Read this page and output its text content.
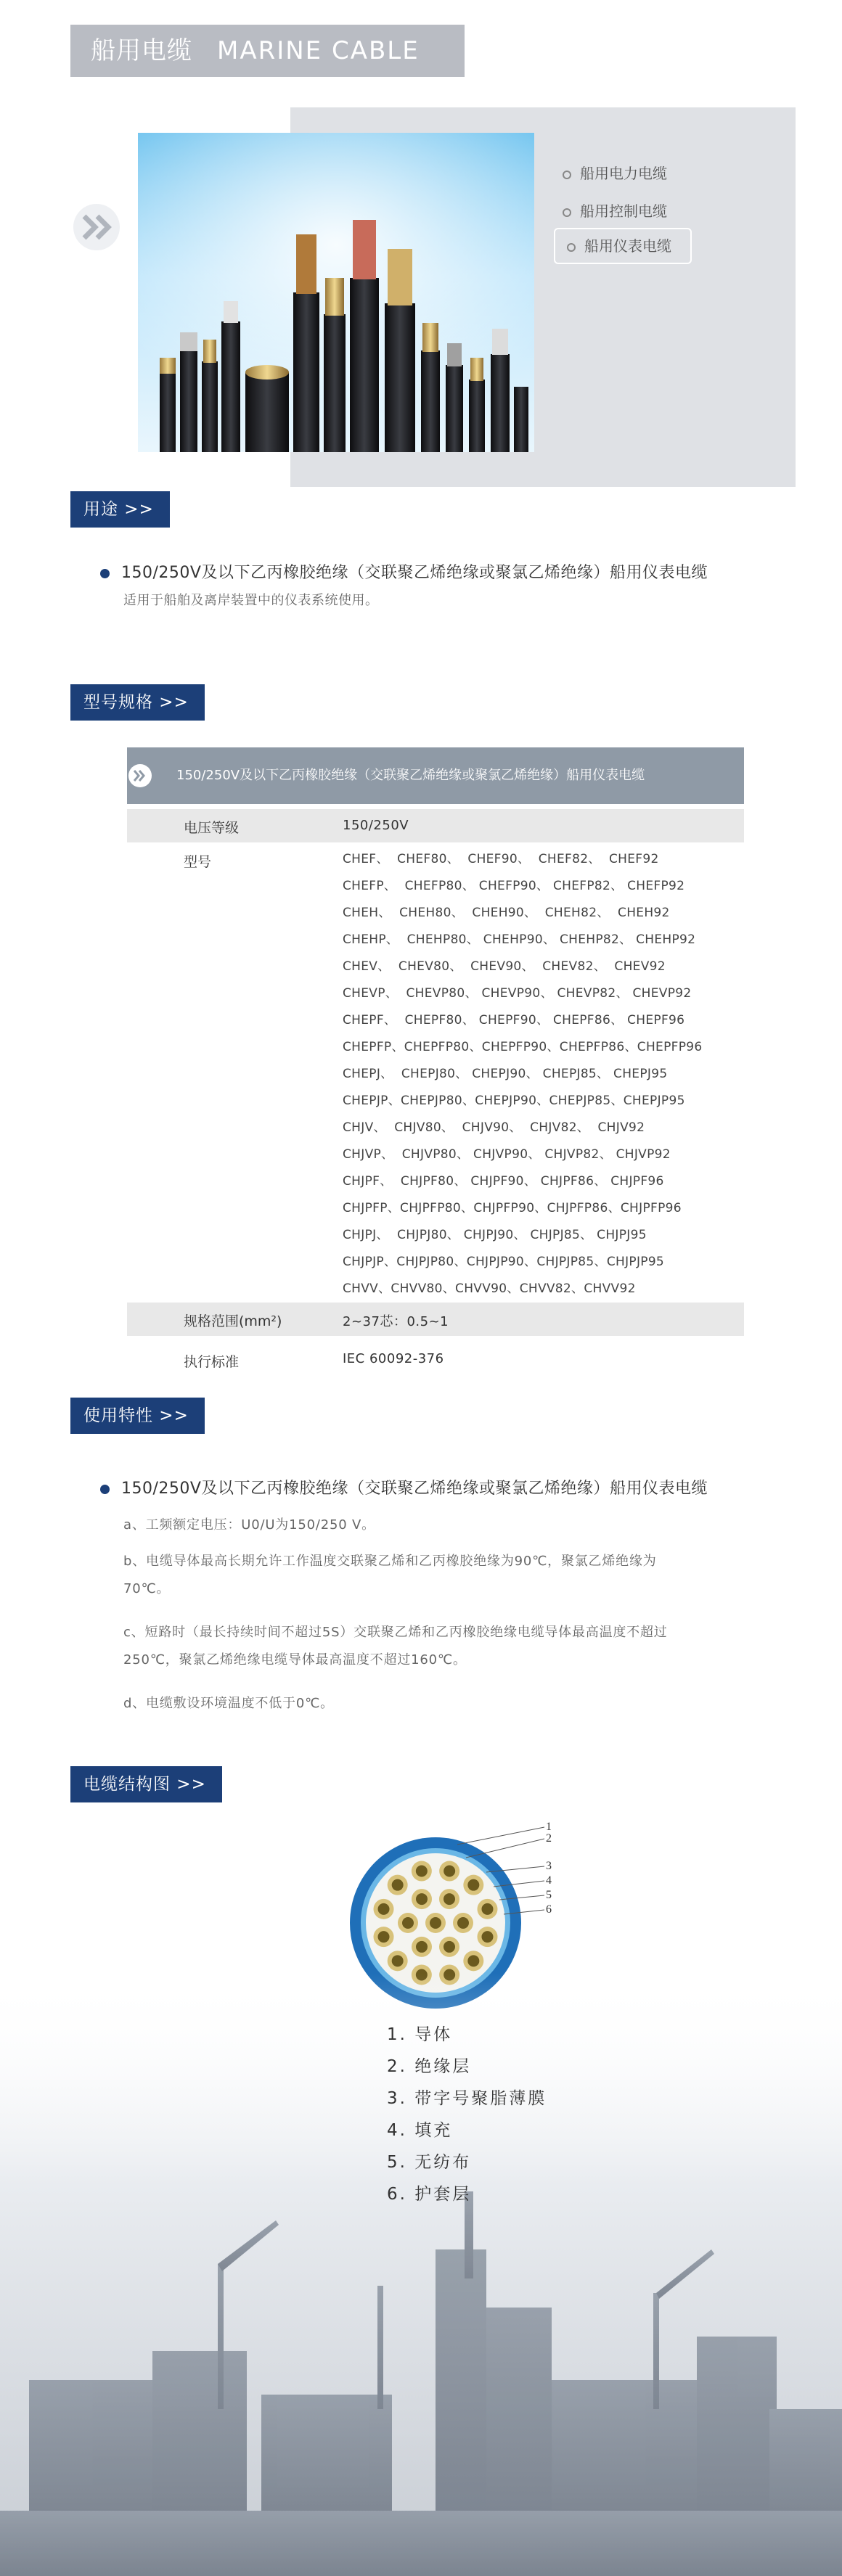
船用电缆 MARINE CABLE
船用电力电缆
船用控制电缆
船用仪表电缆
用途 >>
150/250V及以下乙丙橡胶绝缘（交联聚乙烯绝缘或聚氯乙烯绝缘）船用仪表电缆
适用于船舶及离岸装置中的仪表系统使用。
型号规格 >>
150/250V及以下乙丙橡胶绝缘（交联聚乙烯绝缘或聚氯乙烯绝缘）船用仪表电缆
电压等级	150/250V
型号	CHEF、  CHEF80、  CHEF90、  CHEF82、  CHEF92
CHEFP、  CHEFP80、 CHEFP90、 CHEFP82、 CHEFP92
CHEH、  CHEH80、  CHEH90、  CHEH82、  CHEH92
CHEHP、  CHEHP80、 CHEHP90、 CHEHP82、 CHEHP92
CHEV、  CHEV80、  CHEV90、  CHEV82、  CHEV92
CHEVP、  CHEVP80、 CHEVP90、 CHEVP82、 CHEVP92
CHEPF、  CHEPF80、 CHEPF90、 CHEPF86、 CHEPF96
CHEPFP、CHEPFP80、CHEPFP90、CHEPFP86、CHEPFP96
CHEPJ、  CHEPJ80、 CHEPJ90、 CHEPJ85、 CHEPJ95
CHEPJP、CHEPJP80、CHEPJP90、CHEPJP85、CHEPJP95
CHJV、  CHJV80、  CHJV90、  CHJV82、  CHJV92
CHJVP、  CHJVP80、 CHJVP90、 CHJVP82、 CHJVP92
CHJPF、  CHJPF80、 CHJPF90、 CHJPF86、 CHJPF96
CHJPFP、CHJPFP80、CHJPFP90、CHJPFP86、CHJPFP96
CHJPJ、  CHJPJ80、 CHJPJ90、 CHJPJ85、 CHJPJ95
CHJPJP、CHJPJP80、CHJPJP90、CHJPJP85、CHJPJP95
CHVV、CHVV80、CHVV90、CHVV82、CHVV92
规格范围(mm²)	2~37芯：0.5~1
执行标准	IEC 60092-376
使用特性 >>
150/250V及以下乙丙橡胶绝缘（交联聚乙烯绝缘或聚氯乙烯绝缘）船用仪表电缆
a、工频额定电压：U0/U为150/250 V。
b、电缆导体最高长期允许工作温度交联聚乙烯和乙丙橡胶绝缘为90℃，聚氯乙烯绝缘为
70℃。
c、短路时（最长持续时间不超过5S）交联聚乙烯和乙丙橡胶绝缘电缆导体最高温度不超过
250℃，聚氯乙烯绝缘电缆导体最高温度不超过160℃。
d、电缆敷设环境温度不低于0℃。
电缆结构图 >>
1
2
3
4
5
6
1. 导体
2. 绝缘层
3. 带字号聚脂薄膜
4. 填充
5. 无纺布
6. 护套层
